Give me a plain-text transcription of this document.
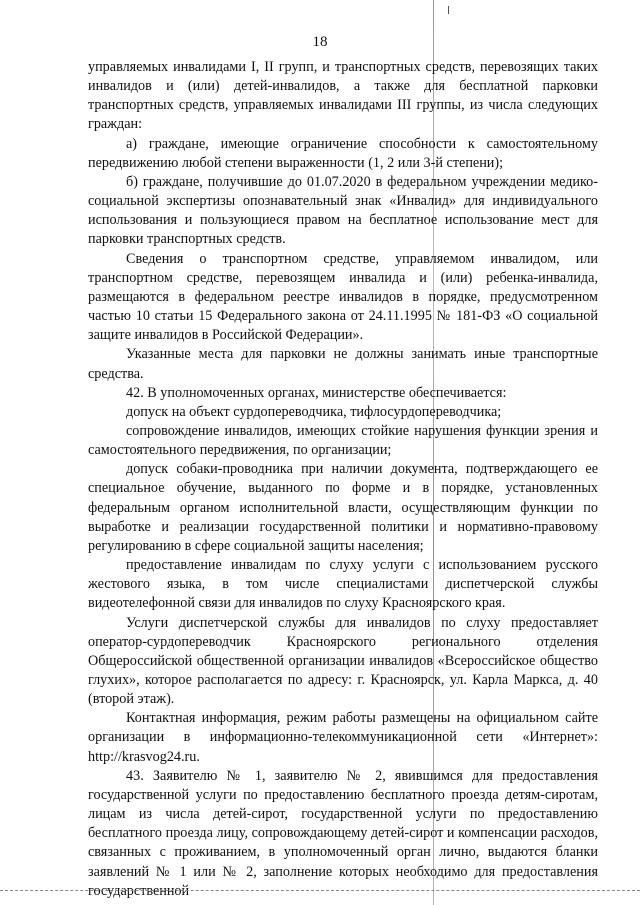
18

управляемых инвалидами I, II групп, и транспортных средств, перевозящих таких инвалидов и (или) детей-инвалидов, а также для бесплатной парковки транспортных средств, управляемых инвалидами III группы, из числа следующих граждан:

а) граждане, имеющие ограничение способности к самостоятельному передвижению любой степени выраженности (1, 2 или 3-й степени);

б) граждане, получившие до 01.07.2020 в федеральном учреждении медико-социальной экспертизы опознавательный знак «Инвалид» для индивидуального использования и пользующиеся правом на бесплатное использование мест для парковки транспортных средств.

Сведения о транспортном средстве, управляемом инвалидом, или транспортном средстве, перевозящем инвалида и (или) ребенка-инвалида, размещаются в федеральном реестре инвалидов в порядке, предусмотренном частью 10 статьи 15 Федерального закона от 24.11.1995 № 181-ФЗ «О социальной защите инвалидов в Российской Федерации».

Указанные места для парковки не должны занимать иные транспортные средства.

42. В уполномоченных органах, министерстве обеспечивается:

допуск на объект сурдопереводчика, тифлосурдопереводчика;

сопровождение инвалидов, имеющих стойкие нарушения функции зрения и самостоятельного передвижения, по организации;

допуск собаки-проводника при наличии документа, подтверждающего ее специальное обучение, выданного по форме и в порядке, установленных федеральным органом исполнительной власти, осуществляющим функции по выработке и реализации государственной политики и нормативно-правовому регулированию в сфере социальной защиты населения;

предоставление инвалидам по слуху услуги с использованием русского жестового языка, в том числе специалистами диспетчерской службы видеотелефонной связи для инвалидов по слуху Красноярского края.

Услуги диспетчерской службы для инвалидов по слуху предоставляет оператор-сурдопереводчик Красноярского регионального отделения Общероссийской общественной организации инвалидов «Всероссийское общество глухих», которое располагается по адресу: г. Красноярск, ул. Карла Маркса, д. 40 (второй этаж).

Контактная информация, режим работы размещены на официальном сайте организации в информационно-телекоммуникационной сети «Интернет»: http://krasvog24.ru.

43. Заявителю № 1, заявителю № 2, явившимся для предоставления государственной услуги по предоставлению бесплатного проезда детям-сиротам, лицам из числа детей-сирот, государственной услуги по предоставлению бесплатного проезда лицу, сопровождающему детей-сирот и компенсации расходов, связанных с проживанием, в уполномоченный орган лично, выдаются бланки заявлений № 1 или № 2, заполнение которых необходимо для предоставления государственной
